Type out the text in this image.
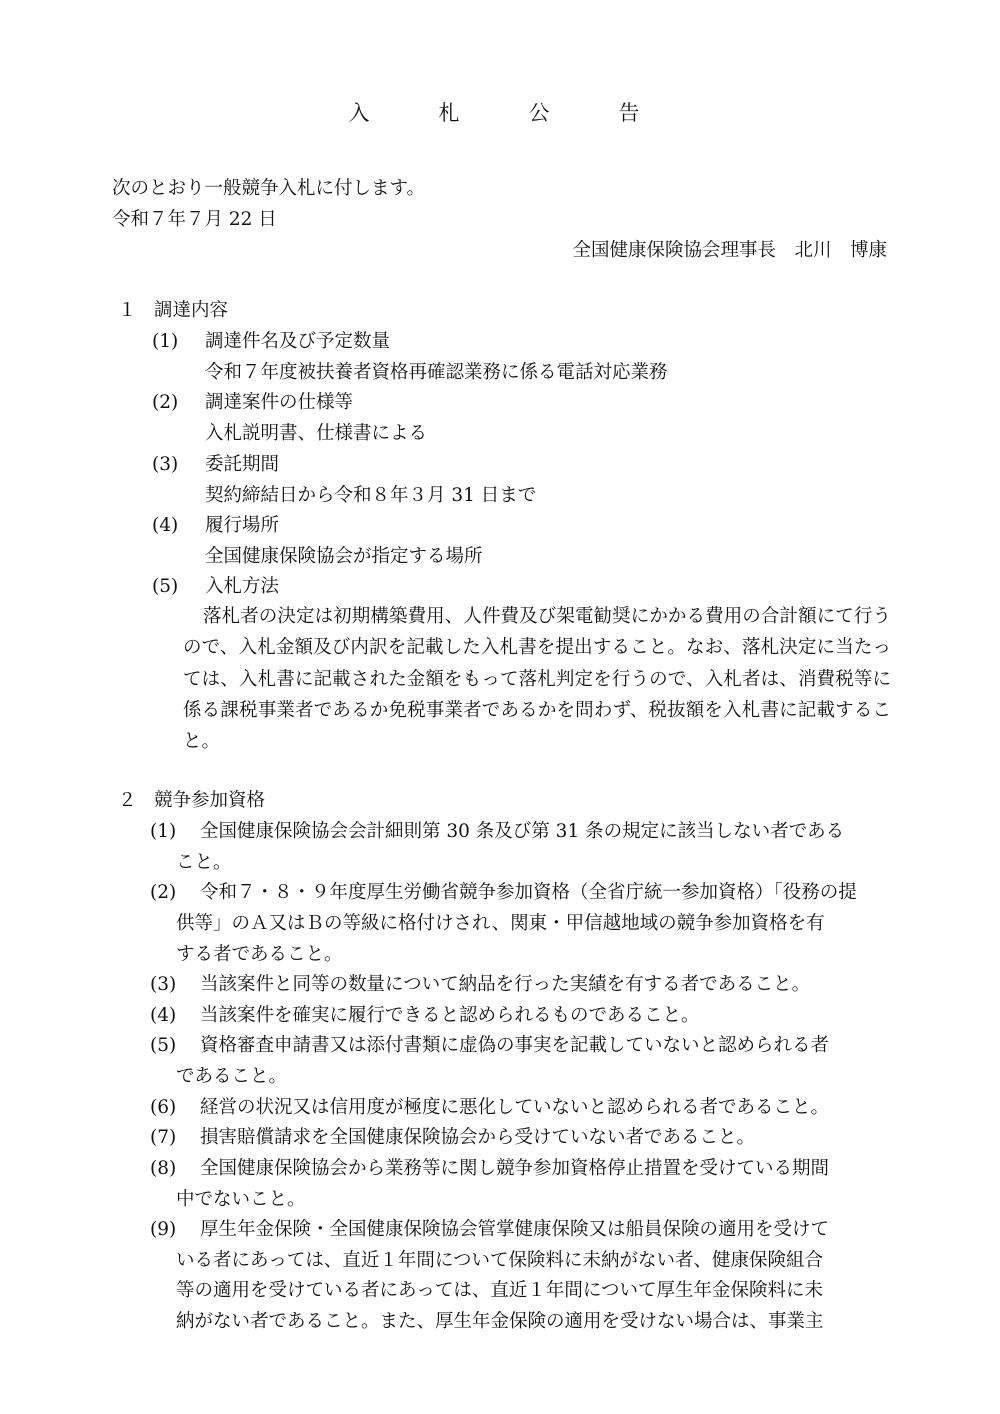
入　札　公　告
次のとおり一般競争入札に付します。
令和７年７月 22 日
全国健康保険協会理事長　北川　博康
１ 調達内容
(1) 調達件名及び予定数量
令和７年度被扶養者資格再確認業務に係る電話対応業務
(2) 調達案件の仕様等
入札説明書、仕様書による
(3) 委託期間
契約締結日から令和８年３月 31 日まで
(4) 履行場所
全国健康保険協会が指定する場所
(5) 入札方法
落札者の決定は初期構築費用、人件費及び架電勧奨にかかる費用の合計額にて行うので、入札金額及び内訳を記載した入札書を提出すること。なお、落札決定に当たっては、入札書に記載された金額をもって落札判定を行うので、入札者は、消費税等に係る課税事業者であるか免税事業者であるかを問わず、税抜額を入札書に記載すること。
２ 競争参加資格
(1) 全国健康保険協会会計細則第 30 条及び第 31 条の規定に該当しない者である
こと。
(2) 令和７・８・９年度厚生労働省競争参加資格（全省庁統一参加資格）「役務の提
供等」のＡ又はＢの等級に格付けされ、関東・甲信越地域の競争参加資格を有
する者であること。
(3) 当該案件と同等の数量について納品を行った実績を有する者であること。
(4) 当該案件を確実に履行できると認められるものであること。
(5) 資格審査申請書又は添付書類に虚偽の事実を記載していないと認められる者
であること。
(6) 経営の状況又は信用度が極度に悪化していないと認められる者であること。
(7) 損害賠償請求を全国健康保険協会から受けていない者であること。
(8) 全国健康保険協会から業務等に関し競争参加資格停止措置を受けている期間
中でないこと。
(9) 厚生年金保険・全国健康保険協会管掌健康保険又は船員保険の適用を受けて
いる者にあっては、直近１年間について保険料に未納がない者、健康保険組合
等の適用を受けている者にあっては、直近１年間について厚生年金保険料に未
納がない者であること。また、厚生年金保険の適用を受けない場合は、事業主
